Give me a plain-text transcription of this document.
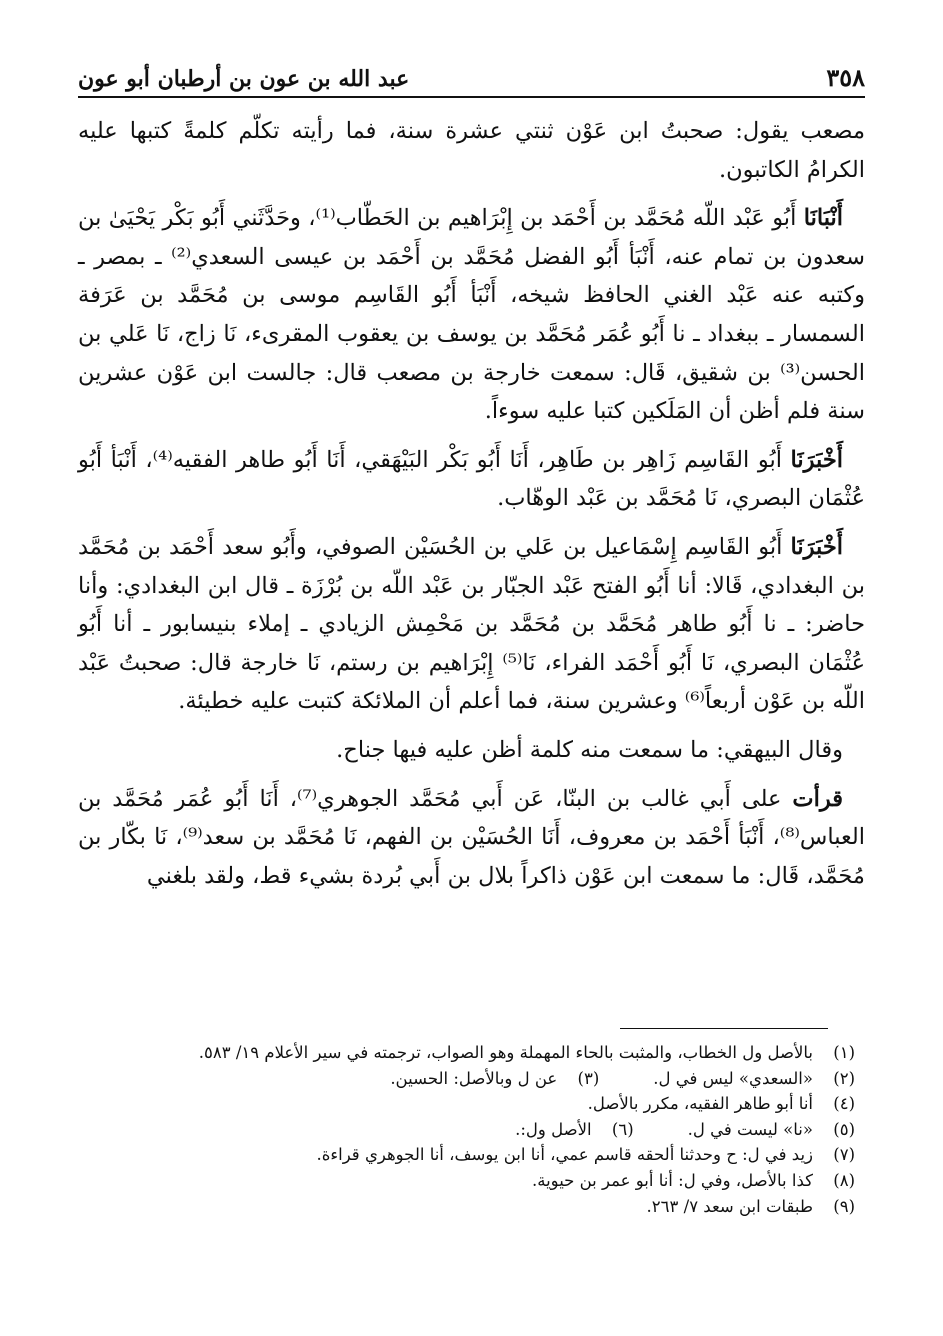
٣٥٨
عبد الله بن عون بن أرطبان أبو عون

مصعب يقول: صحبتُ ابن عَوْن ثنتي عشرة سنة، فما رأيته تكلّم كلمةً كتبها عليه الكرامُ الكاتبون.

أَنْبَانَا أَبُو عَبْد اللّه مُحَمَّد بن أَحْمَد بن إِبْرَاهيم بن الحَطّاب⁽¹⁾، وحَدَّثَني أَبُو بَكْر يَحْيَىٰ بن سعدون بن تمام عنه، أَنْبَأ أَبُو الفضل مُحَمَّد بن أَحْمَد بن عيسى السعدي⁽²⁾ ـ بمصر ـ وكتبه عنه عَبْد الغني الحافظ شيخه، أَنْبَأ أَبُو القَاسِم موسى بن مُحَمَّد بن عَرَفة السمسار ـ ببغداد ـ نا أَبُو عُمَر مُحَمَّد بن يوسف بن يعقوب المقرىء، نَا زاج، نَا عَلي بن الحسن⁽³⁾ بن شقيق، قَال: سمعت خارجة بن مصعب قال: جالست ابن عَوْن عشرين سنة فلم أظن أن المَلَكين كتبا عليه سوءاً.

أَخْبَرَنَا أَبُو القَاسِم زَاهِر بن طَاهِر، أَنَا أَبُو بَكْر البَيْهَقي، أَنَا أَبُو طاهر الفقيه⁽⁴⁾، أَنْبَأ أَبُو عُثْمَان البصري، نَا مُحَمَّد بن عَبْد الوهّاب.

أَخْبَرَنَا أَبُو القَاسِم إِسْمَاعيل بن عَلي بن الحُسَيْن الصوفي، وأَبُو سعد أَحْمَد بن مُحَمَّد بن البغدادي، قَالا: أنا أَبُو الفتح عَبْد الجبّار بن عَبْد اللّه بن بُرْزَة ـ قال ابن البغدادي: وأنا حاضر: ـ نا أَبُو طاهر مُحَمَّد بن مُحَمَّد بن مَحْمِش الزيادي ـ إملاء بنيسابور ـ أنا أَبُو عُثْمَان البصري، نَا أَبُو أَحْمَد الفراء، نَا⁽⁵⁾ إِبْرَاهيم بن رستم، نَا خارجة قال: صحبتُ عَبْد اللّه بن عَوْن أربعاً⁽⁶⁾ وعشرين سنة، فما أعلم أن الملائكة كتبت عليه خطيئة.

وقال البيهقي: ما سمعت منه كلمة أظن عليه فيها جناح.

قرأت على أَبي غالب بن البنّا، عَن أَبي مُحَمَّد الجوهري⁽⁷⁾، أَنَا أَبُو عُمَر مُحَمَّد بن العباس⁽⁸⁾، أَنْبَأ أَحْمَد بن معروف، أَنَا الحُسَيْن بن الفهم، نَا مُحَمَّد بن سعد⁽⁹⁾، نَا بكّار بن مُحَمَّد، قَال: ما سمعت ابن عَوْن ذاكراً بلال بن أَبي بُردة بشيء قط، ولقد بلغني

(١)
بالأصل ول الخطاب، والمثبت بالحاء المهملة وهو الصواب، ترجمته في سير الأعلام ١٩/ ٥٨٣.
(٢)
«السعدي» ليس في ل.
(٣)
عن ل وبالأصل: الحسين.
(٤)
أنا أبو طاهر الفقيه، مكرر بالأصل.
(٥)
«نا» ليست في ل.
(٦)
الأصل ول:.
(٧)
زيد في ل: ح وحدثنا ألحقه قاسم عمي، أنا ابن يوسف، أنا الجوهري قراءة.
(٨)
كذا بالأصل، وفي ل: أنا أبو عمر بن حيوية.
(٩)
طبقات ابن سعد ٧/ ٢٦٣.
